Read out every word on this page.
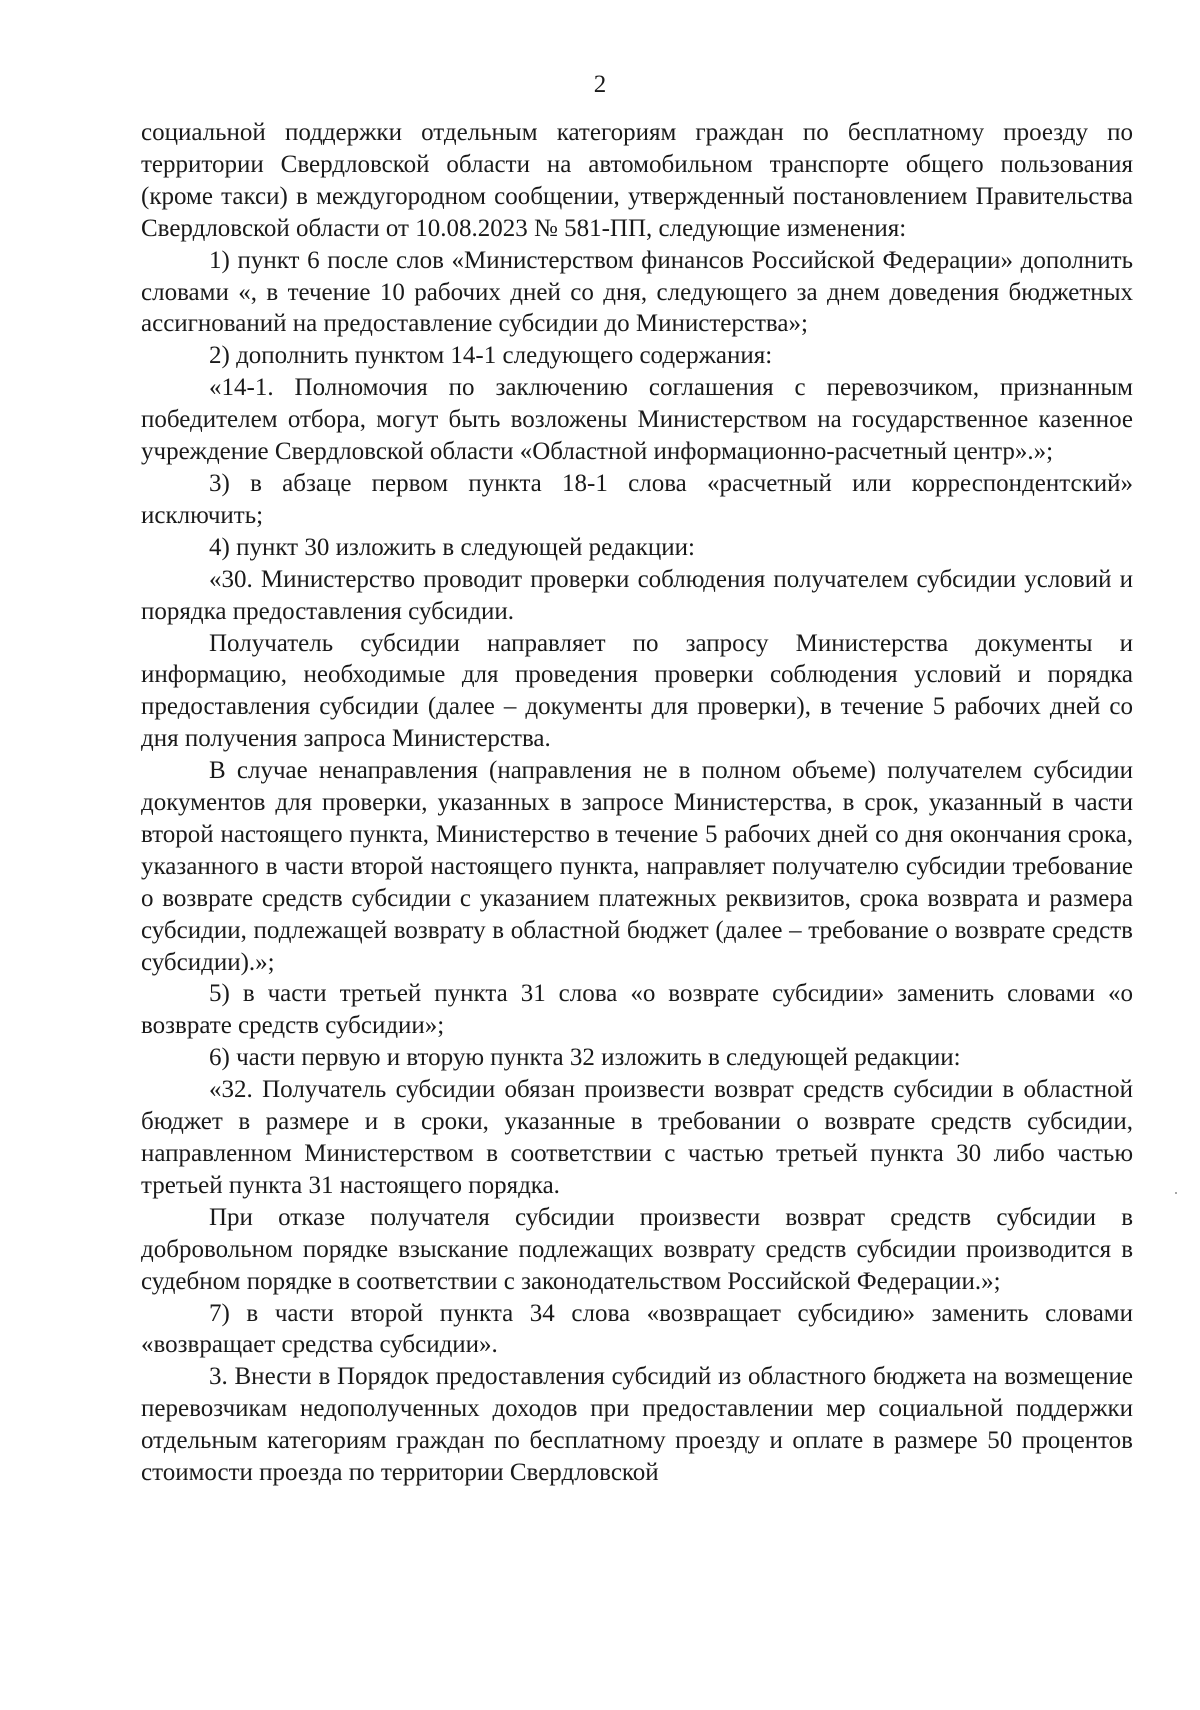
2

социальной поддержки отдельным категориям граждан по бесплатному проезду по территории Свердловской области на автомобильном транспорте общего пользования (кроме такси) в междугородном сообщении, утвержденный постановлением Правительства Свердловской области от 10.08.2023 № 581-ПП, следующие изменения:

1) пункт 6 после слов «Министерством финансов Российской Федерации» дополнить словами «, в течение 10 рабочих дней со дня, следующего за днем доведения бюджетных ассигнований на предоставление субсидии до Министерства»;

2) дополнить пунктом 14-1 следующего содержания:

«14-1. Полномочия по заключению соглашения с перевозчиком, признанным победителем отбора, могут быть возложены Министерством на государственное казенное учреждение Свердловской области «Областной информационно-расчетный центр».»;

3) в абзаце первом пункта 18-1 слова «расчетный или корреспондентский» исключить;

4) пункт 30 изложить в следующей редакции:

«30. Министерство проводит проверки соблюдения получателем субсидии условий и порядка предоставления субсидии.

Получатель субсидии направляет по запросу Министерства документы и информацию, необходимые для проведения проверки соблюдения условий и порядка предоставления субсидии (далее – документы для проверки), в течение 5 рабочих дней со дня получения запроса Министерства.

В случае ненаправления (направления не в полном объеме) получателем субсидии документов для проверки, указанных в запросе Министерства, в срок, указанный в части второй настоящего пункта, Министерство в течение 5 рабочих дней со дня окончания срока, указанного в части второй настоящего пункта, направляет получателю субсидии требование о возврате средств субсидии с указанием платежных реквизитов, срока возврата и размера субсидии, подлежащей возврату в областной бюджет (далее – требование о возврате средств субсидии).»;

5) в части третьей пункта 31 слова «о возврате субсидии» заменить словами «о возврате средств субсидии»;

6) части первую и вторую пункта 32 изложить в следующей редакции:

«32. Получатель субсидии обязан произвести возврат средств субсидии в областной бюджет в размере и в сроки, указанные в требовании о возврате средств субсидии, направленном Министерством в соответствии с частью третьей пункта 30 либо частью третьей пункта 31 настоящего порядка.

При отказе получателя субсидии произвести возврат средств субсидии в добровольном порядке взыскание подлежащих возврату средств субсидии производится в судебном порядке в соответствии с законодательством Российской Федерации.»;

7) в части второй пункта 34 слова «возвращает субсидию» заменить словами «возвращает средства субсидии».

3. Внести в Порядок предоставления субсидий из областного бюджета на возмещение перевозчикам недополученных доходов при предоставлении мер социальной поддержки отдельным категориям граждан по бесплатному проезду и оплате в размере 50 процентов стоимости проезда по территории Свердловской
